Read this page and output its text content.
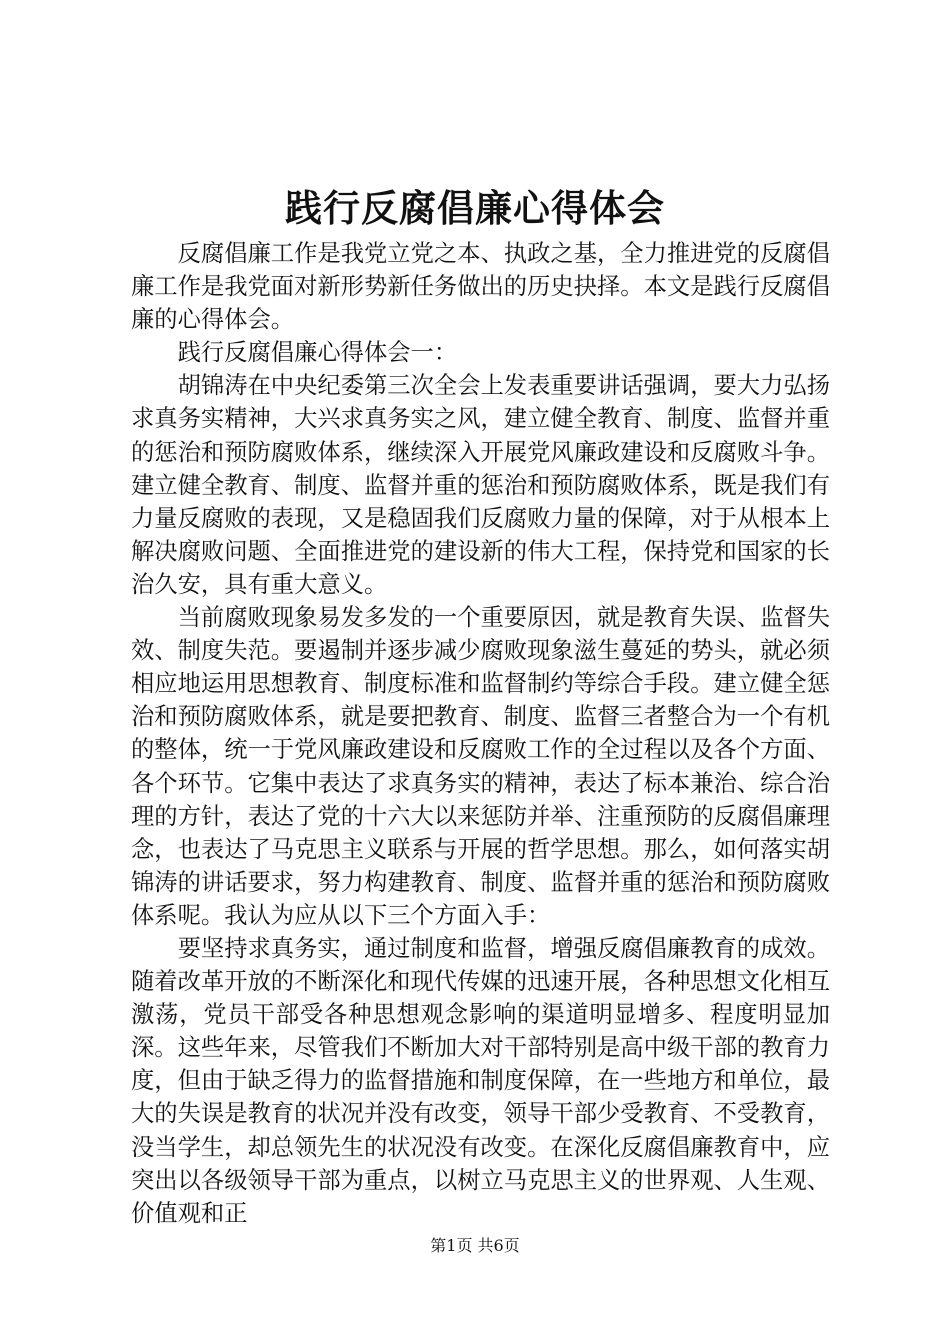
践行反腐倡廉心得体会

反腐倡廉工作是我党立党之本、执政之基，全力推进党的反腐倡廉工作是我党面对新形势新任务做出的历史抉择。本文是践行反腐倡廉的心得体会。

践行反腐倡廉心得体会一：

胡锦涛在中央纪委第三次全会上发表重要讲话强调，要大力弘扬求真务实精神，大兴求真务实之风，建立健全教育、制度、监督并重的惩治和预防腐败体系，继续深入开展党风廉政建设和反腐败斗争。建立健全教育、制度、监督并重的惩治和预防腐败体系，既是我们有力量反腐败的表现，又是稳固我们反腐败力量的保障，对于从根本上解决腐败问题、全面推进党的建设新的伟大工程，保持党和国家的长治久安，具有重大意义。

当前腐败现象易发多发的一个重要原因，就是教育失误、监督失效、制度失范。要遏制并逐步减少腐败现象滋生蔓延的势头，就必须相应地运用思想教育、制度标准和监督制约等综合手段。建立健全惩治和预防腐败体系，就是要把教育、制度、监督三者整合为一个有机的整体，统一于党风廉政建设和反腐败工作的全过程以及各个方面、各个环节。它集中表达了求真务实的精神，表达了标本兼治、综合治理的方针，表达了党的十六大以来惩防并举、注重预防的反腐倡廉理念，也表达了马克思主义联系与开展的哲学思想。那么，如何落实胡锦涛的讲话要求，努力构建教育、制度、监督并重的惩治和预防腐败体系呢。我认为应从以下三个方面入手：

要坚持求真务实，通过制度和监督，增强反腐倡廉教育的成效。随着改革开放的不断深化和现代传媒的迅速开展，各种思想文化相互激荡，党员干部受各种思想观念影响的渠道明显增多、程度明显加深。这些年来，尽管我们不断加大对干部特别是高中级干部的教育力度，但由于缺乏得力的监督措施和制度保障，在一些地方和单位，最大的失误是教育的状况并没有改变，领导干部少受教育、不受教育，没当学生，却总领先生的状况没有改变。在深化反腐倡廉教育中，应突出以各级领导干部为重点，以树立马克思主义的世界观、人生观、价值观和正

第1页 共6页
